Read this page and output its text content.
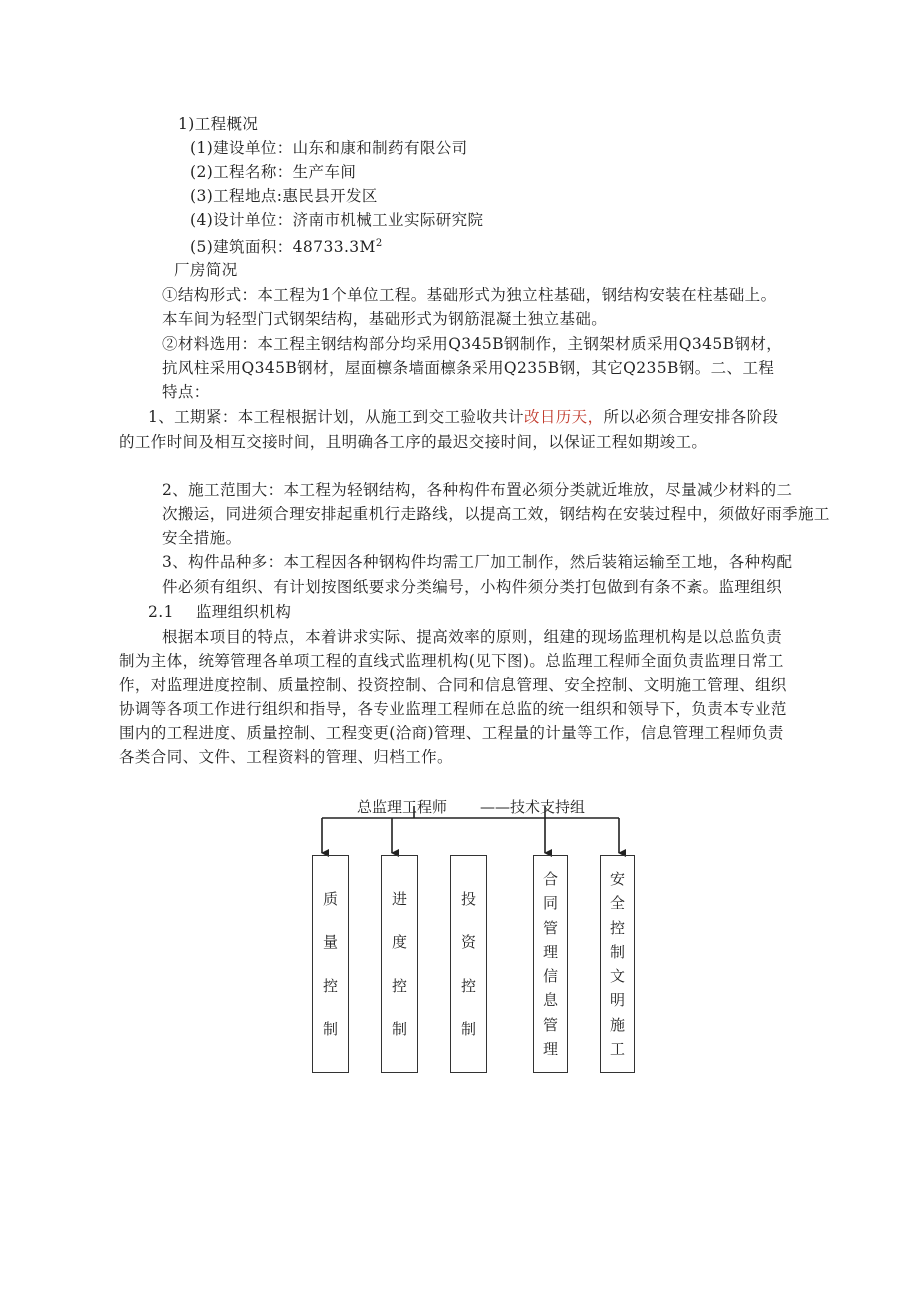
1)工程概况
(1)建设单位：山东和康和制药有限公司
(2)工程名称：生产车间
(3)工程地点:惠民县开发区
(4)设计单位：济南市机械工业实际研究院
(5)建筑面积：$48733.3M^2$
厂房简况
①结构形式：本工程为1个单位工程。基础形式为独立柱基础，钢结构安装在柱基础上。
本车间为轻型门式钢架结构，基础形式为钢筋混凝土独立基础。
②材料选用：本工程主钢结构部分均采用Q345B钢制作，主钢架材质采用Q345B钢材，
抗风柱采用Q345B钢材，屋面檩条墙面檩条采用Q235B钢，其它Q235B钢。二、工程
特点：
1、工期紧：本工程根据计划，从施工到交工验收共计改日历天，所以必须合理安排各阶段
的工作时间及相互交接时间，且明确各工序的最迟交接时间，以保证工程如期竣工。
2、施工范围大：本工程为轻钢结构，各种构件布置必须分类就近堆放，尽量减少材料的二
次搬运，同进须合理安排起重机行走路线，以提高工效，钢结构在安装过程中，须做好雨季施工
安全措施。
3、构件品种多：本工程因各种钢构件均需工厂加工制作，然后装箱运输至工地，各种构配
件必须有组织、有计划按图纸要求分类编号，小构件须分类打包做到有条不紊。监理组织
2.1 监理组织机构
根据本项目的特点，本着讲求实际、提高效率的原则，组建的现场监理机构是以总监负责
制为主体，统筹管理各单项工程的直线式监理机构(见下图)。总监理工程师全面负责监理日常工
作，对监理进度控制、质量控制、投资控制、合同和信息管理、安全控制、文明施工管理、组织
协调等各项工作进行组织和指导，各专业监理工程师在总监的统一组织和领导下，负责本专业范
围内的工程进度、质量控制、工程变更(洽商)管理、工程量的计量等工作，信息管理工程师负责
各类合同、文件、工程资料的管理、归档工作。
总监理工程师 ——技术支持组
质
量
控
制
进
度
控
制
投
资
控
制
合
同
管
理
信
息
管
理
安
全
控
制
文
明
施
工
